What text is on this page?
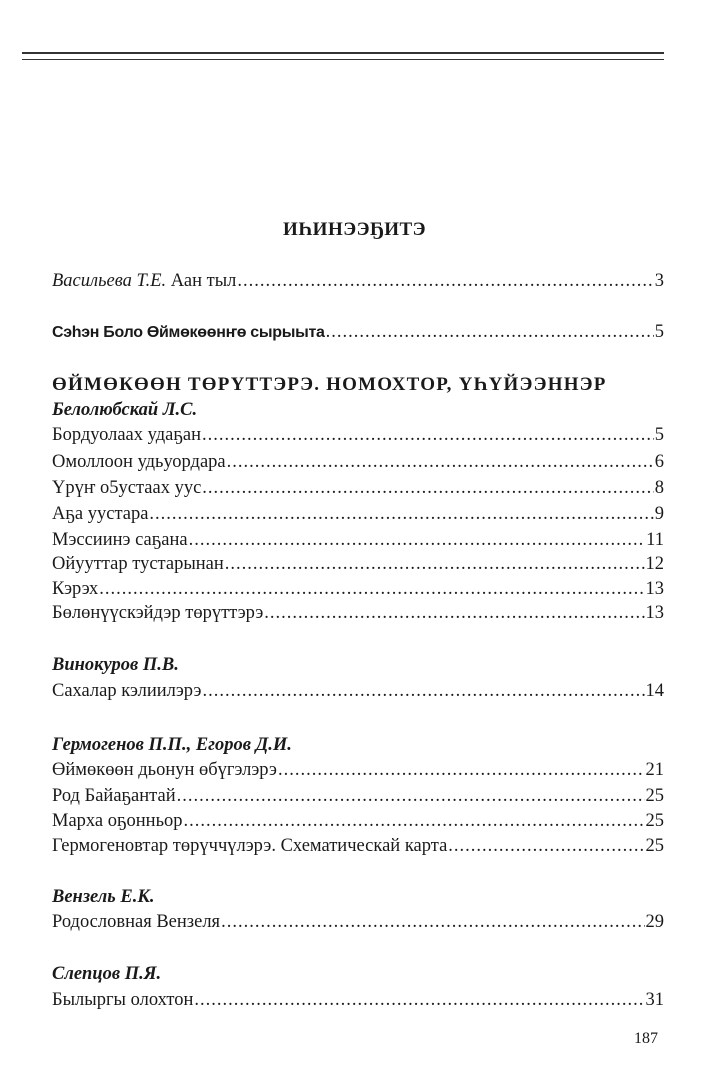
ИҺИНЭЭҔИТЭ
Васильева Т.Е. Аан тыл .....	3
Сэһэн Боло Өймөкөөнҥө сырыыта .....	5
ӨЙМӨКӨӨН ТӨРҮТТЭРЭ. НОМОХТОР, ҮҺҮЙЭЭННЭР
Белолюбскай Л.С.
Бордуолаах удаҕан .....	5
Омоллоон удьуордара .....	6
Үрүҥ о5устаах уус .....	8
Аҕа уустара .....	9
Мэссиинэ саҕана .....	11
Ойууттар тустарынан .....	12
Кэрэх .....	13
Бөлөнүүскэйдэр төрүттэрэ .....	13
Винокуров П.В.
Сахалар кэлиилэрэ .....	14
Гермогенов П.П., Егоров Д.И.
Өймөкөөн дьонун өбүгэлэрэ .....	21
Род Байаҕантай .....	25
Марха оҕонньор .....	25
Гермогеновтар төрүччүлэрэ. Схематическай карта .....	25
Вензель Е.К.
Родословная Вензеля .....	29
Слепцов П.Я.
Былыргы олохтон .....	31
187
